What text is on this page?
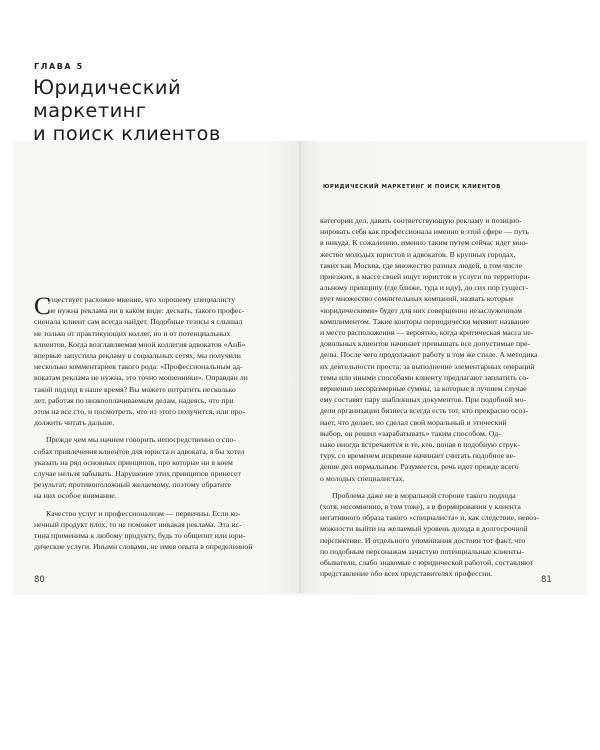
ГЛАВА 5
Юридический
маркетинг
и поиск клиентов
С
уществует расхожее мнение, что хорошему специалисту
не нужна реклама ни в каком виде: дескать, такого профес-
сионала клиент сам всегда найдет. Подобные тезисы я слышал
не только от практикующих коллег, но и от потенциальных
клиентов. Когда возглавляемая мной коллегия адвокатов «АнБ»
впервые запустила рекламу в социальных сетях, мы получили
несколько комментариев такого рода: «Профессиональным ад-
вокатам реклама не нужна, это точно мошенники». Оправдан ли
такой подход в наше время? Вы можете потратить несколько
лет, работая по низкооплачиваемым делам, надеясь, что при
этом на все сто, и посмотреть, что из этого получится, или про-
должить читать дальше.
Прежде чем мы начнем говорить непосредственно о спо-
собах привлечения клиентов для юриста и адвоката, я бы хотел
указать на ряд основных принципов, про которые ни в коем
случае нельзя забывать. Нарушение этих принципов принесет
результат, противоположный желаемому, поэтому обратите
на них особое внимание.
Качество услуг и профессионализм — первичны. Если ко-
нечный продукт плох, то не поможет никакая реклама. Эта ис-
тина применима к любому продукту, будь то общепит или юри-
дические услуги. Иными словами, не имея опыта в определенной
80
ЮРИДИЧЕСКИЙ МАРКЕТИНГ И ПОИСК КЛИЕНТОВ
категории дел, давать соответствующую рекламу и позицио-
нировать себя как профессионала именно в этой сфере — путь
в никуда. К сожалению, именно таким путем сейчас идет мно-
жество молодых юристов и адвокатов. В крупных городах,
таких как Москва, где множество разных людей, в том числе
приезжих, в массе своей ищут юристов и услуги по территори-
альному принципу (где ближе, туда и иду), до сих пор сущест-
вует множество сомнительных компаний, назвать которые
«юридическими» будет для них совершенно незаслуженным
комплиментом. Такие конторы периодически меняют название
и место расположения — вероятно, когда критическая масса не-
довольных клиентов начинает превышать все допустимые пре-
делы. После чего продолжают работу в том же стиле. А методика
их деятельности проста: за выполнение элементарных операций
темы или иными способами клиенту предлагают заплатить со-
вершенно несоразмерные суммы, за которые в лучшем случае
ему составят пару шаблонных документов. При подобной мо-
дели организации бизнеса всегда есть тот, кто прекрасно осоз-
нает, что делает, но сделал свой моральный и этический
выбор, он решил «зарабатывать» таким способом. Од-
нако иногда встречаются и те, кто, попав в подобную струк-
туру, со временем искренне начинает считать подобное ве-
дение дел нормальным. Разумеется, речь идет прежде всего
о молодых специалистах.
Проблема даже не в моральной стороне такого подхода
(хотя, несомненно, в том тоже), а в формировании у клиента
негативного образа такого «специалиста» и, как следствие, невоз-
можности выйти на желаемый уровень дохода в долгосрочной
перспективе. И отдельного упоминания достоин тот факт, что
по подобным персонажам зачастую потенциальные клиенты-
обыватели, слабо знакомые с юридической работой, составляют
представление обо всех представителях профессии.
81
